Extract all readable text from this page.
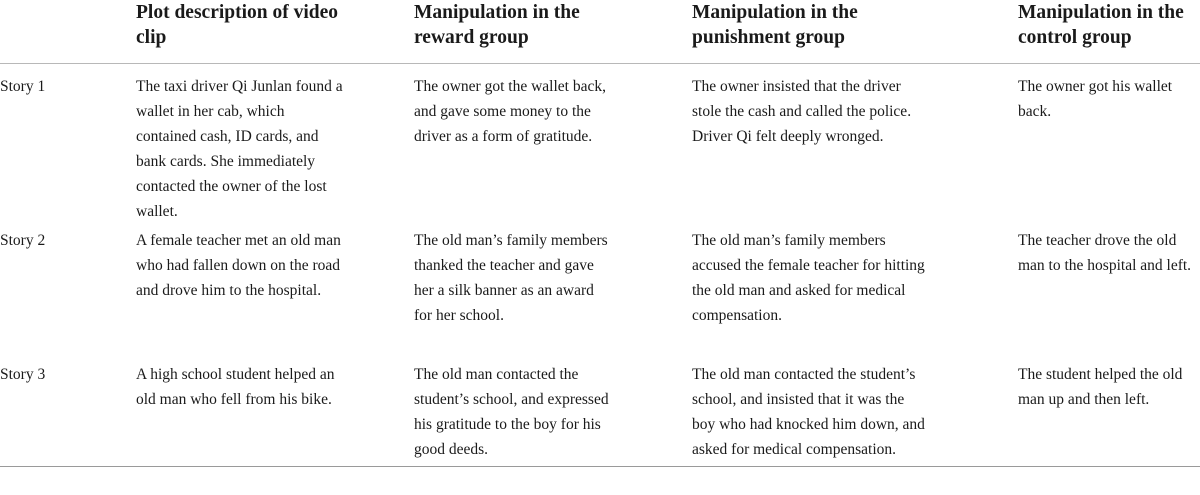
	Plot description of video clip	Manipulation in the reward group	Manipulation in the punishment group	Manipulation in the control group

Story 1	The taxi driver Qi Junlan found a wallet in her cab, which contained cash, ID cards, and bank cards. She immediately contacted the owner of the lost wallet.	The owner got the wallet back, and gave some money to the driver as a form of gratitude.	The owner insisted that the driver stole the cash and called the police. Driver Qi felt deeply wronged.	The owner got his wallet back.

Story 2	A female teacher met an old man who had fallen down on the road and drove him to the hospital.	The old man’s family members thanked the teacher and gave her a silk banner as an award for her school.	The old man’s family members accused the female teacher for hitting the old man and asked for medical compensation.	The teacher drove the old man to the hospital and left.

Story 3	A high school student helped an old man who fell from his bike.	The old man contacted the student’s school, and expressed his gratitude to the boy for his good deeds.	The old man contacted the student’s school, and insisted that it was the boy who had knocked him down, and asked for medical compensation.	The student helped the old man up and then left.
